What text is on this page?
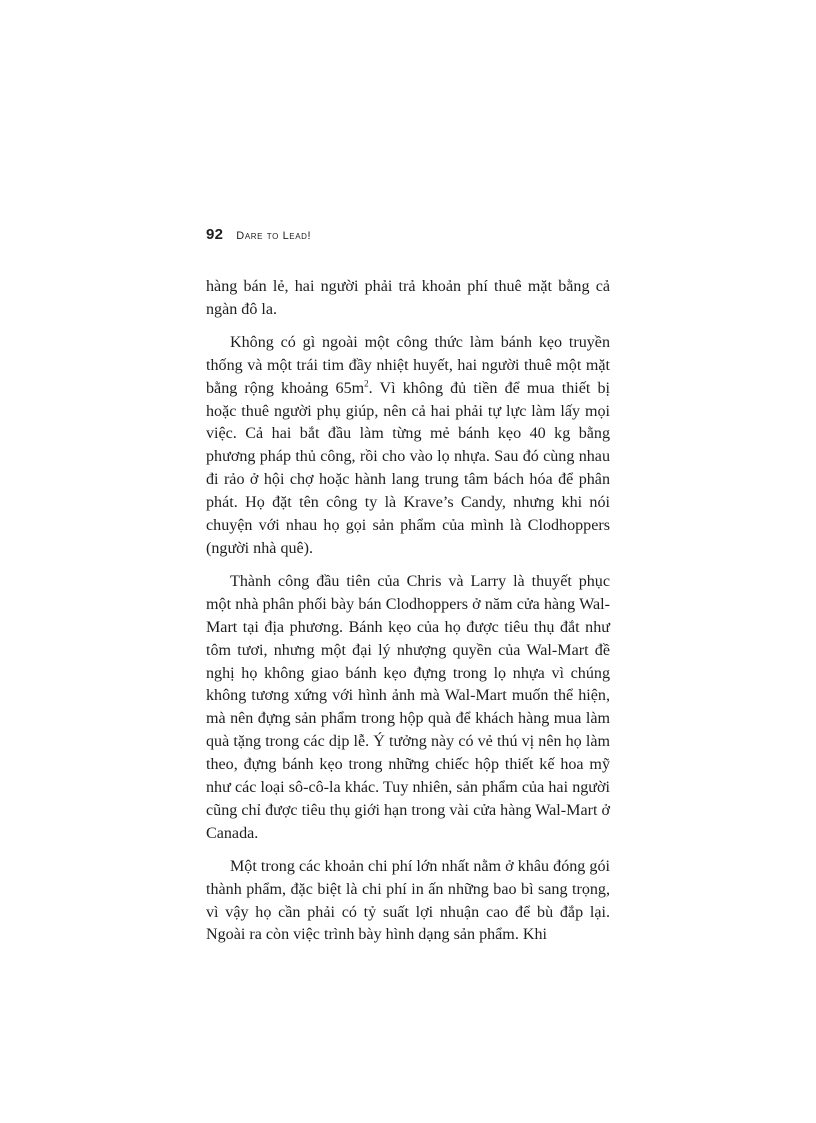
92 Dare to Lead!

hàng bán lẻ, hai người phải trả khoản phí thuê mặt bằng cả ngàn đô la.

Không có gì ngoài một công thức làm bánh kẹo truyền thống và một trái tim đầy nhiệt huyết, hai người thuê một mặt bằng rộng khoảng $65m^2$. Vì không đủ tiền để mua thiết bị hoặc thuê người phụ giúp, nên cả hai phải tự lực làm lấy mọi việc. Cả hai bắt đầu làm từng mẻ bánh kẹo 40 kg bằng phương pháp thủ công, rồi cho vào lọ nhựa. Sau đó cùng nhau đi rảo ở hội chợ hoặc hành lang trung tâm bách hóa để phân phát. Họ đặt tên công ty là Krave’s Candy, nhưng khi nói chuyện với nhau họ gọi sản phẩm của mình là Clodhoppers (người nhà quê).

Thành công đầu tiên của Chris và Larry là thuyết phục một nhà phân phối bày bán Clodhoppers ở năm cửa hàng Wal-Mart tại địa phương. Bánh kẹo của họ được tiêu thụ đắt như tôm tươi, nhưng một đại lý nhượng quyền của Wal-Mart đề nghị họ không giao bánh kẹo đựng trong lọ nhựa vì chúng không tương xứng với hình ảnh mà Wal-Mart muốn thể hiện, mà nên đựng sản phẩm trong hộp quà để khách hàng mua làm quà tặng trong các dịp lễ. Ý tưởng này có vẻ thú vị nên họ làm theo, đựng bánh kẹo trong những chiếc hộp thiết kế hoa mỹ như các loại sô-cô-la khác. Tuy nhiên, sản phẩm của hai người cũng chỉ được tiêu thụ giới hạn trong vài cửa hàng Wal-Mart ở Canada.

Một trong các khoản chi phí lớn nhất nằm ở khâu đóng gói thành phẩm, đặc biệt là chi phí in ấn những bao bì sang trọng, vì vậy họ cần phải có tỷ suất lợi nhuận cao để bù đắp lại. Ngoài ra còn việc trình bày hình dạng sản phẩm. Khi
